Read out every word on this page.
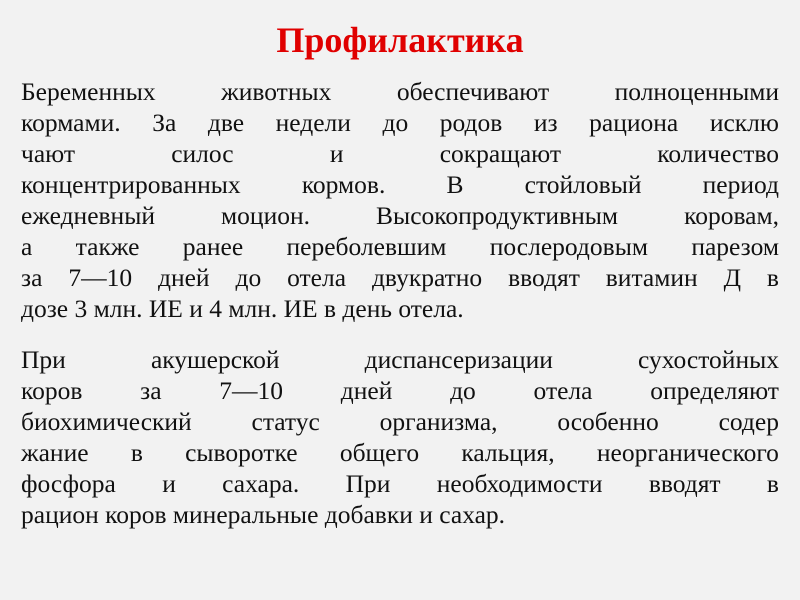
Профилактика
Беременных	животных	обеспечивают	полноценными
кормами. За две недели до родов из рациона исклю
чают	силос	и	сокращают	количество
концентрированных кормов. В стойловый период
ежедневный	моцион.	Высокопродуктивным	коровам,
а также ранее переболевшим послеродовым парезом
за 7—10 дней до отела двукратно вводят витамин Д в
дозе 3 млн. ИЕ и 4 млн. ИЕ в день отела.
При	акушерской	диспансеризации	сухостойных
коров за 7—10 дней до отела определяют
биохимический статус организма, особенно содер
жание в сыворотке общего кальция, неорганического
фосфора и сахара. При необходимости вводят в
рацион коров минеральные добавки и сахар.
